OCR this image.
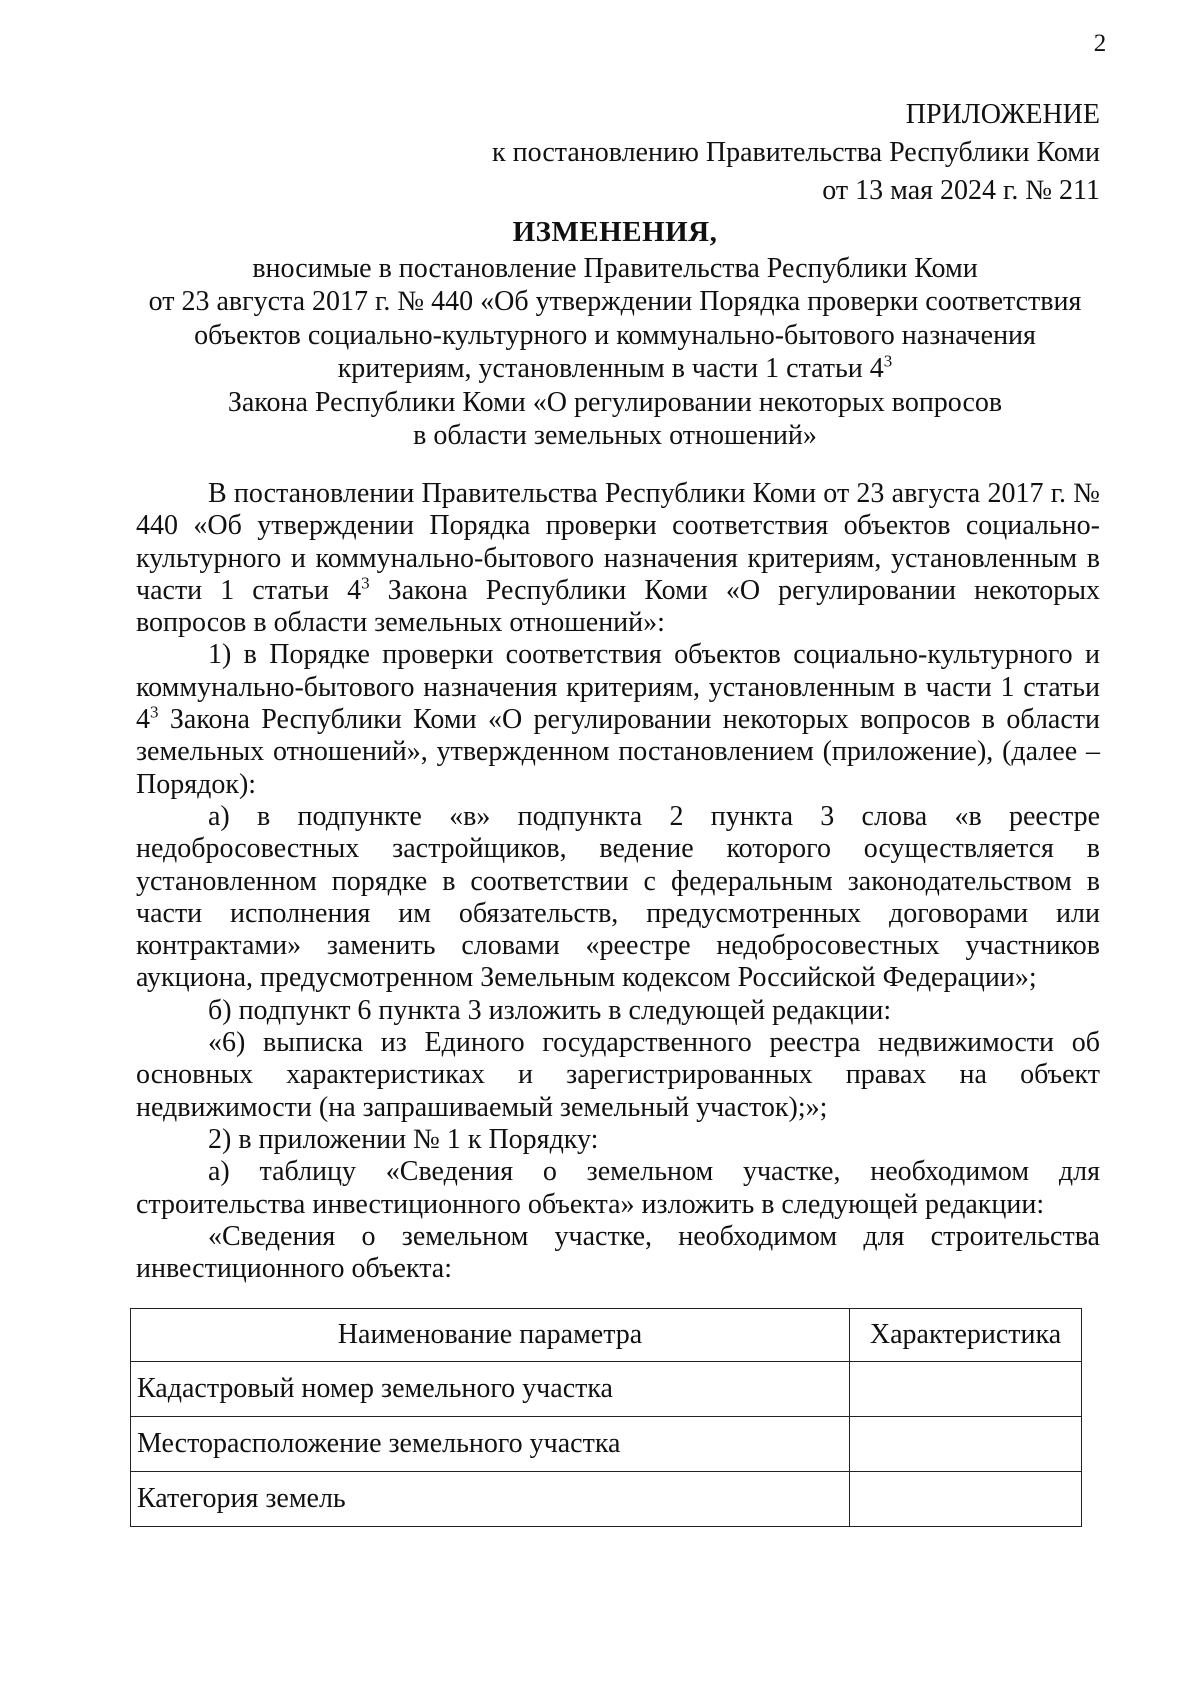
2
ПРИЛОЖЕНИЕ
к постановлению Правительства Республики Коми
от 13 мая 2024 г. № 211
ИЗМЕНЕНИЯ,
вносимые в постановление Правительства Республики Коми
от 23 августа 2017 г. № 440 «Об утверждении Порядка проверки соответствия
объектов социально-культурного и коммунально-бытового назначения
критериям, установленным в части 1 статьи $4^3$
Закона Республики Коми «О регулировании некоторых вопросов
в области земельных отношений»

В постановлении Правительства Республики Коми от 23 августа 2017 г. № 440 «Об утверждении Порядка проверки соответствия объектов социально-культурного и коммунально-бытового назначения критериям, установленным в части 1 статьи $4^3$ Закона Республики Коми «О регулировании некоторых вопросов в области земельных отношений»:

1) в Порядке проверки соответствия объектов социально-культурного и коммунально-бытового назначения критериям, установленным в части 1 статьи $4^3$ Закона Республики Коми «О регулировании некоторых вопросов в области земельных отношений», утвержденном постановлением (приложение), (далее – Порядок):

а) в подпункте «в» подпункта 2 пункта 3 слова «в реестре недобросовестных застройщиков, ведение которого осуществляется в установленном порядке в соответствии с федеральным законодательством в части исполнения им обязательств, предусмотренных договорами или контрактами» заменить словами «реестре недобросовестных участников аукциона, предусмотренном Земельным кодексом Российской Федерации»;

б) подпункт 6 пункта 3 изложить в следующей редакции:

«6) выписка из Единого государственного реестра недвижимости об основных характеристиках и зарегистрированных правах на объект недвижимости (на запрашиваемый земельный участок);»;

2) в приложении № 1 к Порядку:

а) таблицу «Сведения о земельном участке, необходимом для строительства инвестиционного объекта» изложить в следующей редакции:

«Сведения о земельном участке, необходимом для строительства инвестиционного объекта:

Наименование параметра	Характеристика
Кадастровый номер земельного участка	
Месторасположение земельного участка	
Категория земель	
